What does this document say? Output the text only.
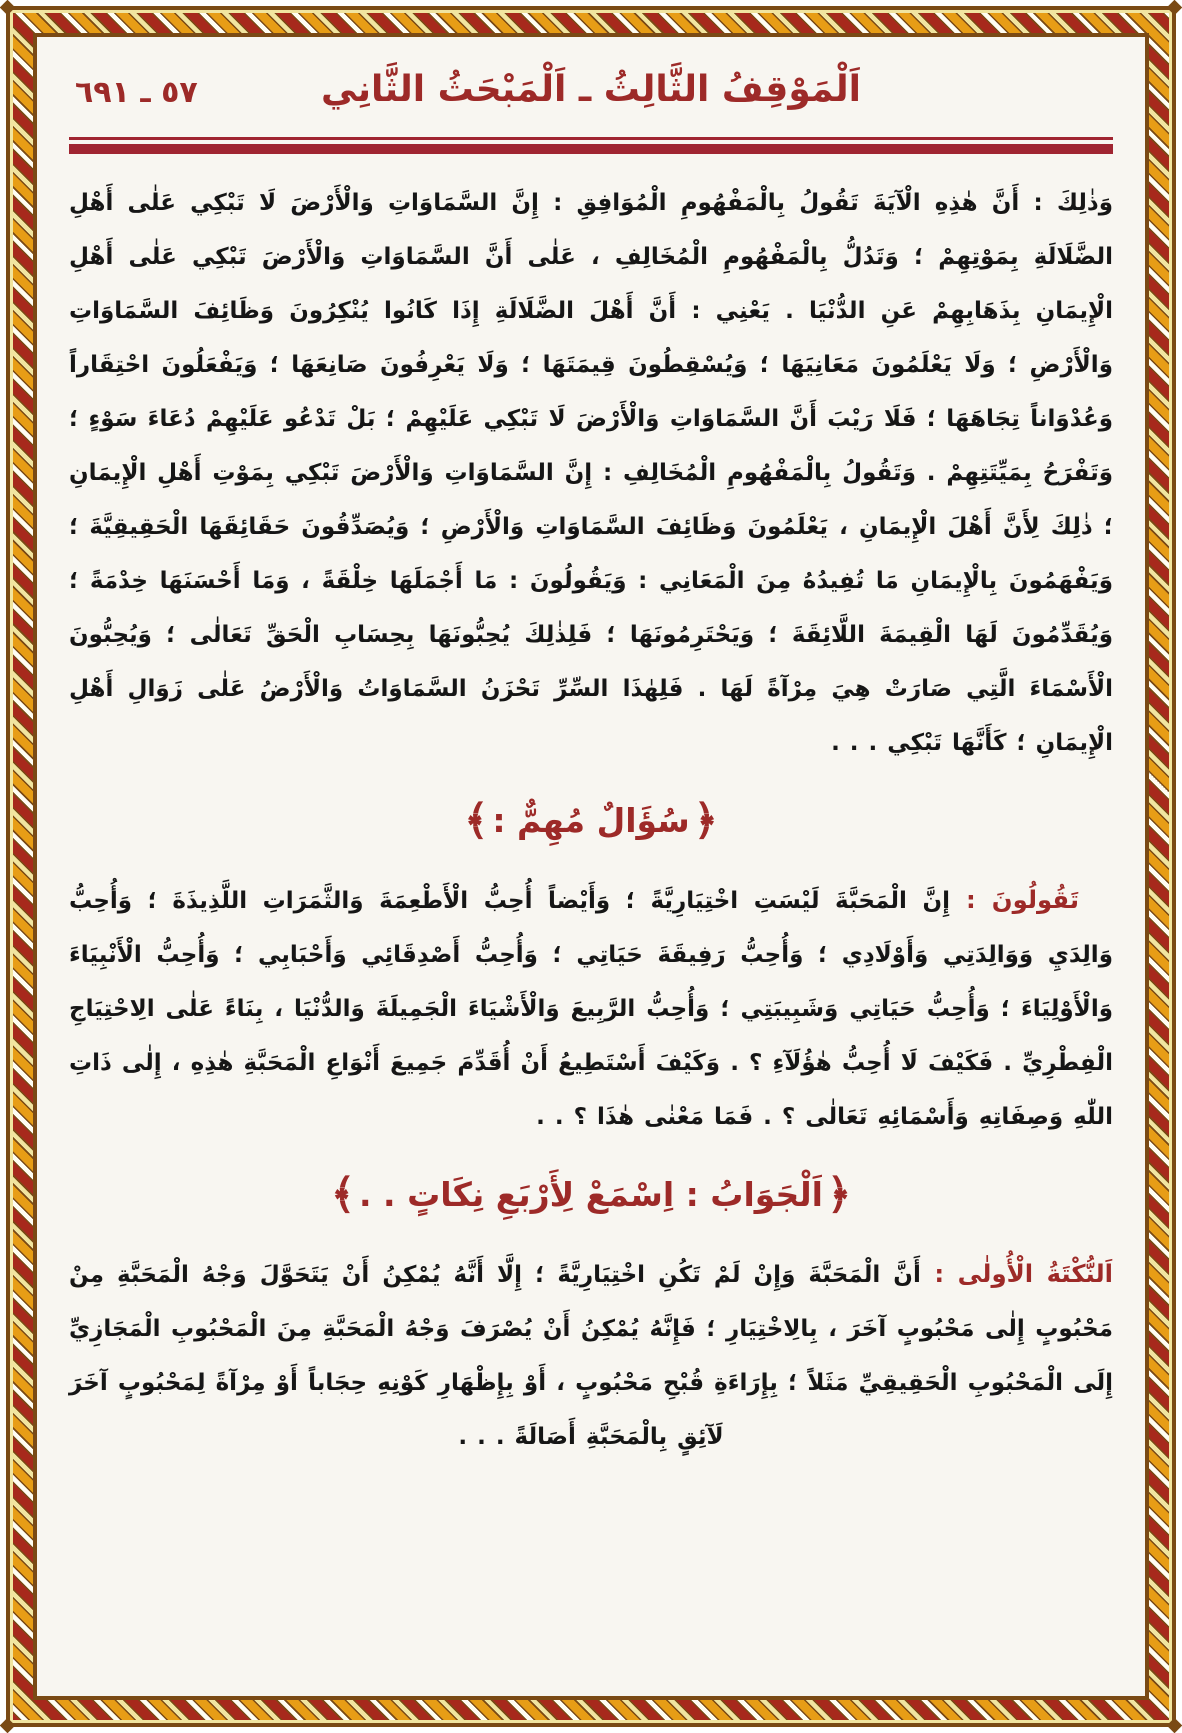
٥٧ ـ ٦٩١	اَلْمَوْقِفُ الثَّالِثُ ـ اَلْمَبْحَثُ الثَّانِي

وَذٰلِكَ : أَنَّ هٰذِهِ الْآيَةَ تَقُولُ بِالْمَفْهُومِ الْمُوَافِقِ : إِنَّ السَّمَاوَاتِ وَالْأَرْضَ لَا تَبْكِي عَلٰى أَهْلِ الضَّلَالَةِ بِمَوْتِهِمْ ؛ وَتَدُلُّ بِالْمَفْهُومِ الْمُخَالِفِ ، عَلٰى أَنَّ السَّمَاوَاتِ وَالْأَرْضَ تَبْكِي عَلٰى أَهْلِ الْإِيمَانِ بِذَهَابِهِمْ عَنِ الدُّنْيَا . يَعْنِي : أَنَّ أَهْلَ الضَّلَالَةِ إِذَا كَانُوا يُنْكِرُونَ وَظَائِفَ السَّمَاوَاتِ وَالْأَرْضِ ؛ وَلَا يَعْلَمُونَ مَعَانِيَهَا ؛ وَيُسْقِطُونَ قِيمَتَهَا ؛ وَلَا يَعْرِفُونَ صَانِعَهَا ؛ وَيَفْعَلُونَ احْتِقَاراً وَعُدْوَاناً تِجَاهَهَا ؛ فَلَا رَيْبَ أَنَّ السَّمَاوَاتِ وَالْأَرْضَ لَا تَبْكِي عَلَيْهِمْ ؛ بَلْ تَدْعُو عَلَيْهِمْ دُعَاءَ سَوْءٍ ؛ وَتَفْرَحُ بِمَيِّتَتِهِمْ . وَتَقُولُ بِالْمَفْهُومِ الْمُخَالِفِ : إِنَّ السَّمَاوَاتِ وَالْأَرْضَ تَبْكِي بِمَوْتِ أَهْلِ الْإِيمَانِ ؛ ذٰلِكَ لِأَنَّ أَهْلَ الْإِيمَانِ ، يَعْلَمُونَ وَظَائِفَ السَّمَاوَاتِ وَالْأَرْضِ ؛ وَيُصَدِّقُونَ حَقَائِقَهَا الْحَقِيقِيَّةَ ؛ وَيَفْهَمُونَ بِالْإِيمَانِ مَا تُفِيدُهُ مِنَ الْمَعَانِي : وَيَقُولُونَ : مَا أَجْمَلَهَا خِلْقَةً ، وَمَا أَحْسَنَهَا خِدْمَةً ؛ وَيُقَدِّمُونَ لَهَا الْقِيمَةَ اللَّائِقَةَ ؛ وَيَحْتَرِمُونَهَا ؛ فَلِذٰلِكَ يُحِبُّونَهَا بِحِسَابِ الْحَقِّ تَعَالٰى ؛ وَيُحِبُّونَ الْأَسْمَاءَ الَّتِي صَارَتْ هِيَ مِرْآةً لَهَا . فَلِهٰذَا السِّرِّ تَحْزَنُ السَّمَاوَاتُ وَالْأَرْضُ عَلٰى زَوَالِ أَهْلِ الْإِيمَانِ ؛ كَأَنَّهَا تَبْكِي . . .

﴿سُؤَالٌ مُهِمٌّ :﴾

تَقُولُونَ : إِنَّ الْمَحَبَّةَ لَيْسَتِ اخْتِيَارِيَّةً ؛ وَأَيْضاً أُحِبُّ الْأَطْعِمَةَ وَالثَّمَرَاتِ اللَّذِيذَةَ ؛ وَأُحِبُّ وَالِدَيِ وَوَالِدَتِي وَأَوْلَادِي ؛ وَأُحِبُّ رَفِيقَةَ حَيَاتِي ؛ وَأُحِبُّ أَصْدِقَائِي وَأَحْبَابِي ؛ وَأُحِبُّ الْأَنْبِيَاءَ وَالْأَوْلِيَاءَ ؛ وَأُحِبُّ حَيَاتِي وَشَبِيبَتِي ؛ وَأُحِبُّ الرَّبِيعَ وَالْأَشْيَاءَ الْجَمِيلَةَ وَالدُّنْيَا ، بِنَاءً عَلٰى الِاحْتِيَاجِ الْفِطْرِيِّ . فَكَيْفَ لَا أُحِبُّ هٰؤُلَآءِ ؟ . وَكَيْفَ أَسْتَطِيعُ أَنْ أُقَدِّمَ جَمِيعَ أَنْوَاعِ الْمَحَبَّةِ هٰذِهِ ، إِلٰى ذَاتِ اللّٰهِ وَصِفَاتِهِ وَأَسْمَائِهِ تَعَالٰى ؟ . فَمَا مَعْنٰى هٰذَا ؟ . .

﴿اَلْجَوَابُ : اِسْمَعْ لِأَرْبَعِ نِكَاتٍ . .﴾

اَلنُّكْتَةُ الْأُولٰى : أَنَّ الْمَحَبَّةَ وَإِنْ لَمْ تَكُنِ اخْتِيَارِيَّةً ؛ إِلَّا أَنَّهُ يُمْكِنُ أَنْ يَتَحَوَّلَ وَجْهُ الْمَحَبَّةِ مِنْ مَحْبُوبٍ إِلٰى مَحْبُوبٍ آخَرَ ، بِالِاخْتِيَارِ ؛ فَإِنَّهُ يُمْكِنُ أَنْ يُصْرَفَ وَجْهُ الْمَحَبَّةِ مِنَ الْمَحْبُوبِ الْمَجَازِيِّ إِلَى الْمَحْبُوبِ الْحَقِيقِيِّ مَثَلاً ؛ بِإِرَاءَةِ قُبْحِ مَحْبُوبٍ ، أَوْ بِإِظْهَارِ كَوْنِهِ حِجَاباً أَوْ مِرْآةً لِمَحْبُوبٍ آخَرَ لَآئِقٍ بِالْمَحَبَّةِ أَصَالَةً . . .
